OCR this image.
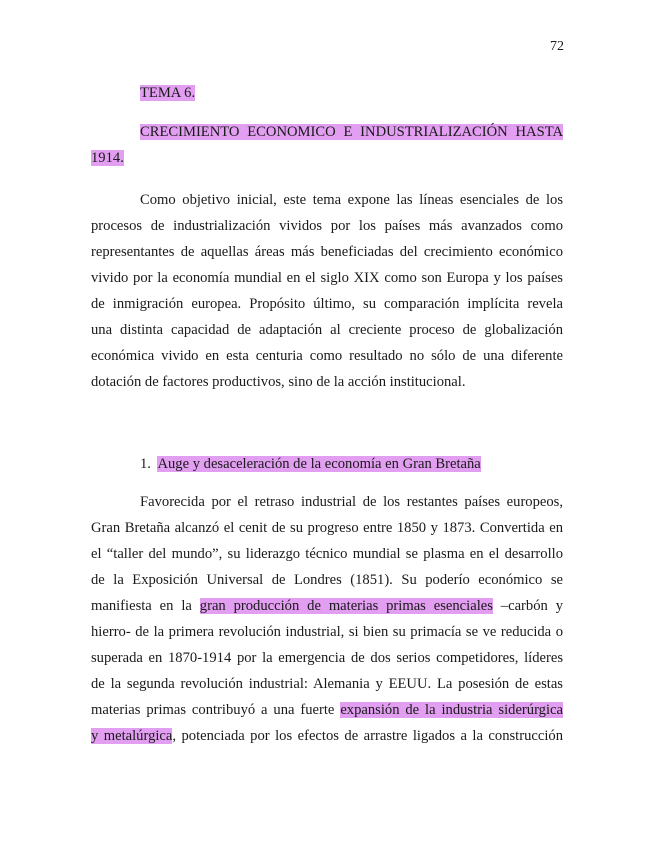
72
TEMA 6.
CRECIMIENTO ECONOMICO E INDUSTRIALIZACIÓN HASTA
1914.
Como objetivo inicial, este tema expone las líneas esenciales de los
procesos de industrialización vividos por los países más avanzados como
representantes de aquellas áreas más beneficiadas del crecimiento económico
vivido por la economía mundial en el siglo XIX como son Europa y los países
de inmigración europea. Propósito último, su comparación implícita revela
una distinta capacidad de adaptación al creciente proceso de globalización
económica vivido en esta centuria como resultado no sólo de una diferente
dotación de factores productivos, sino de la acción institucional.
1. Auge y desaceleración de la economía en Gran Bretaña
Favorecida por el retraso industrial de los restantes países europeos,
Gran Bretaña alcanzó el cenit de su progreso entre 1850 y 1873. Convertida en
el “taller del mundo”, su liderazgo técnico mundial se plasma en el desarrollo
de la Exposición Universal de Londres (1851). Su poderío económico se
manifiesta en la gran producción de materias primas esenciales –carbón y
hierro- de la primera revolución industrial, si bien su primacía se ve reducida o
superada en 1870-1914 por la emergencia de dos serios competidores, líderes
de la segunda revolución industrial: Alemania y EEUU. La posesión de estas
materias primas contribuyó a una fuerte expansión de la industria siderúrgica
y metalúrgica, potenciada por los efectos de arrastre ligados a la construcción
